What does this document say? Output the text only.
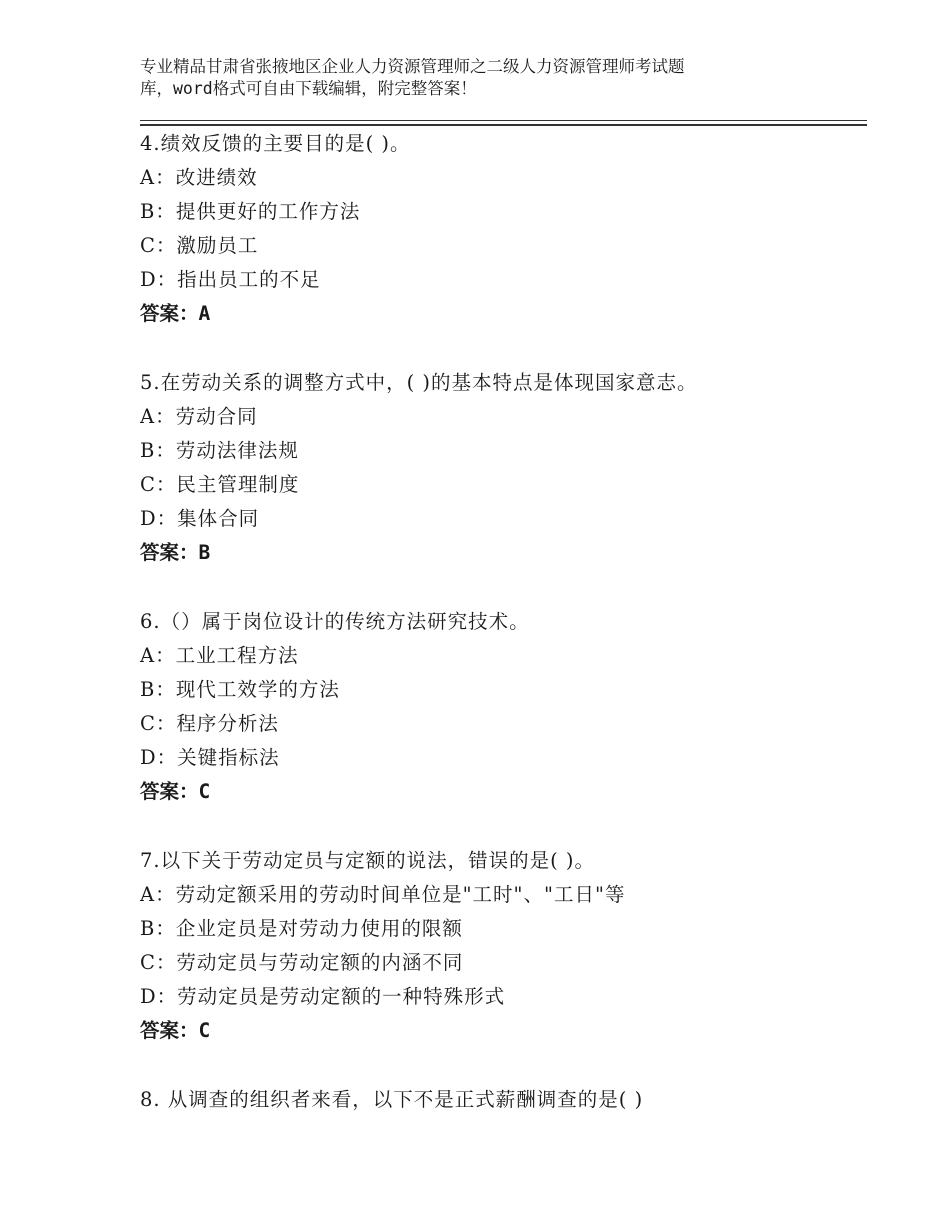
专业精品甘肃省张掖地区企业人力资源管理师之二级人力资源管理师考试题
库，word格式可自由下载编辑，附完整答案！
4.绩效反馈的主要目的是( )。
A：改进绩效
B：提供更好的工作方法
C：激励员工
D：指出员工的不足
答案：A
5.在劳动关系的调整方式中，( )的基本特点是体现国家意志。
A：劳动合同
B：劳动法律法规
C：民主管理制度
D：集体合同
答案：B
6.（）属于岗位设计的传统方法研究技术。
A：工业工程方法
B：现代工效学的方法
C：程序分析法
D：关键指标法
答案：C
7.以下关于劳动定员与定额的说法，错误的是( )。
A：劳动定额采用的劳动时间单位是"工时"、"工日"等
B：企业定员是对劳动力使用的限额
C：劳动定员与劳动定额的内涵不同
D：劳动定员是劳动定额的一种特殊形式
答案：C
8. 从调查的组织者来看，以下不是正式薪酬调查的是( )
